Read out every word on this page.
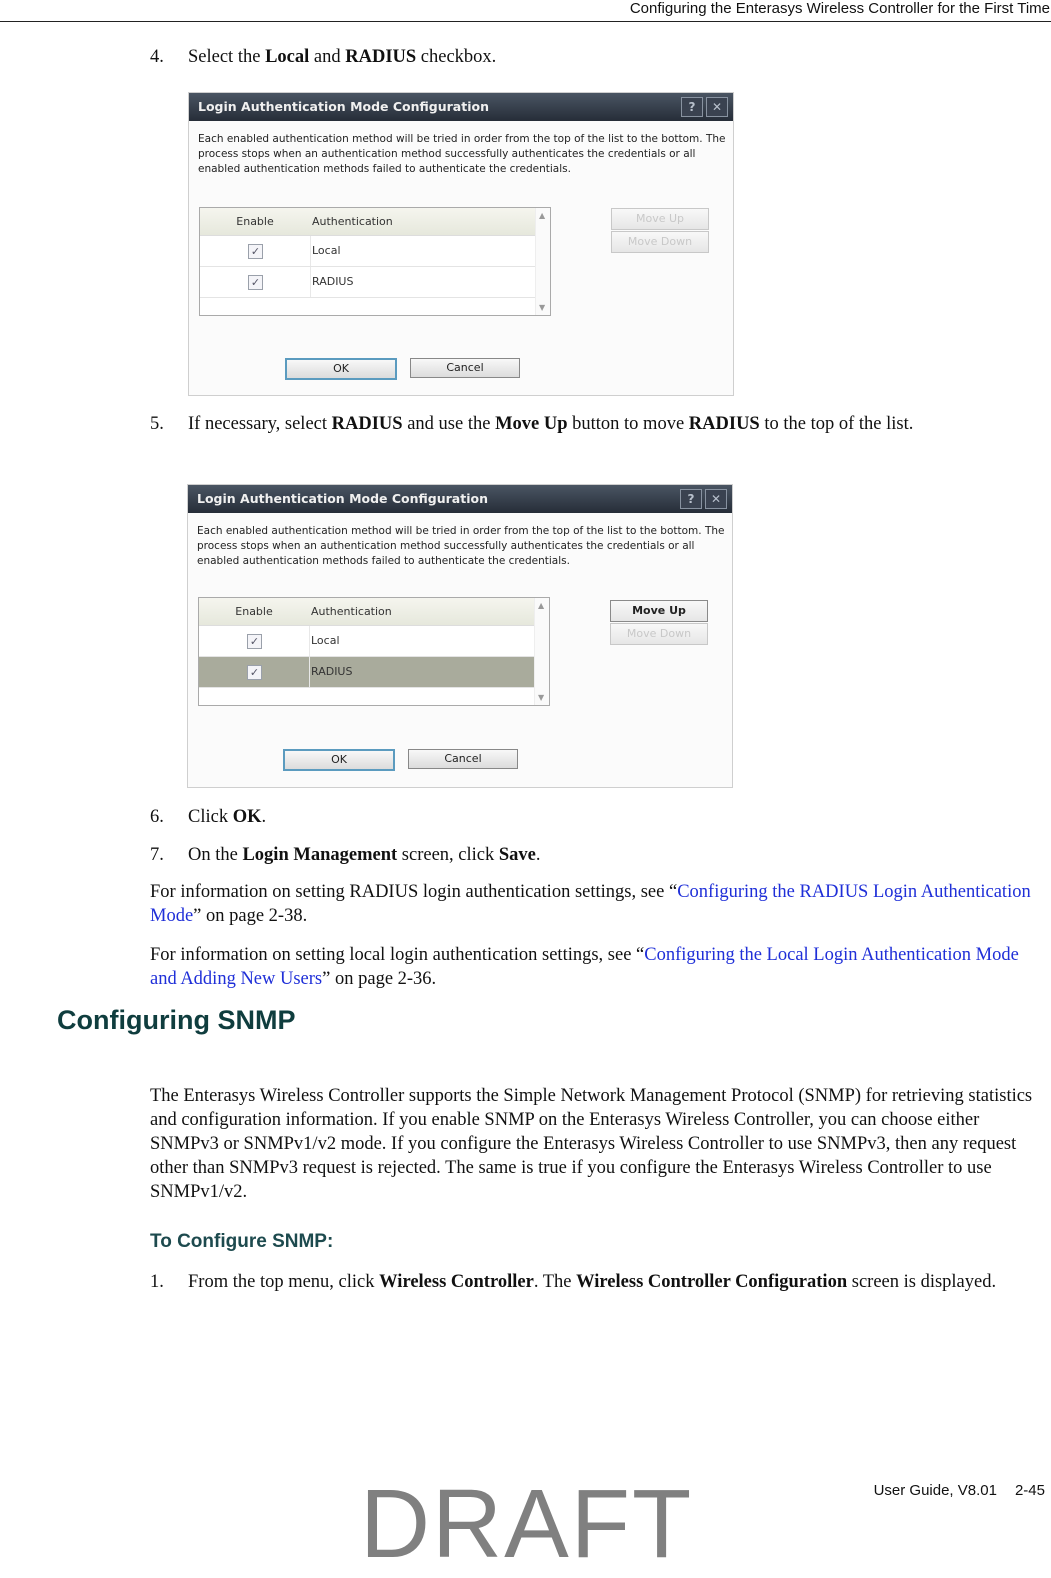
Configuring the Enterasys Wireless Controller for the First Time
4. Select the Local and RADIUS checkbox.
Login Authentication Mode Configuration	?	✕
Each enabled authentication method will be tried in order from the top of the list to the bottom. The process stops when an authentication method successfully authenticates the credentials or all enabled authentication methods failed to authenticate the credentials.
Enable	Authentication
✓	Local
✓	RADIUS
▲
▼
Move Up
Move Down
OK	Cancel
5. If necessary, select RADIUS and use the Move Up button to move RADIUS to the top of the list.
Login Authentication Mode Configuration	?	✕
Each enabled authentication method will be tried in order from the top of the list to the bottom. The process stops when an authentication method successfully authenticates the credentials or all enabled authentication methods failed to authenticate the credentials.
Enable	Authentication
✓	Local
✓	RADIUS
▲
▼
Move Up
Move Down
OK	Cancel
6. Click OK.
7. On the Login Management screen, click Save.
For information on setting RADIUS login authentication settings, see “Configuring the RADIUS Login Authentication Mode” on page 2-38.
For information on setting local login authentication settings, see “Configuring the Local Login Authentication Mode and Adding New Users” on page 2-36.
Configuring SNMP
The Enterasys Wireless Controller supports the Simple Network Management Protocol (SNMP) for retrieving statistics and configuration information. If you enable SNMP on the Enterasys Wireless Controller, you can choose either SNMPv3 or SNMPv1/v2 mode. If you configure the Enterasys Wireless Controller to use SNMPv3, then any request other than SNMPv3 request is rejected. The same is true if you configure the Enterasys Wireless Controller to use SNMPv1/v2.
To Configure SNMP:
1. From the top menu, click Wireless Controller. The Wireless Controller Configuration screen is displayed.
DRAFT	User Guide, V8.01 2-45
